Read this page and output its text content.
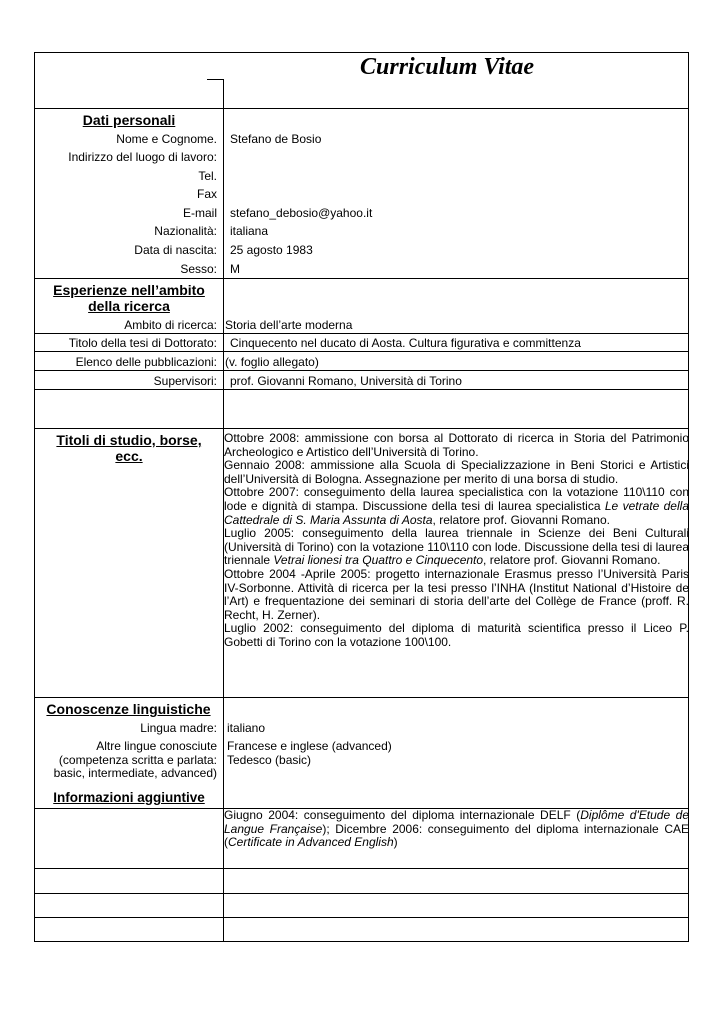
Curriculum Vitae
Dati personali
Nome e Cognome. Stefano de Bosio
Indirizzo del luogo di lavoro:
Tel.
Fax
E-mail stefano_debosio@yahoo.it
Nazionalità: italiana
Data di nascita: 25 agosto 1983
Sesso: M
Esperienze nell’ambito
della ricerca
Ambito di ricerca: Storia dell’arte moderna
Titolo della tesi di Dottorato: Cinquecento nel ducato di Aosta. Cultura figurativa e committenza
Elenco delle pubblicazioni: (v. foglio allegato)
Supervisori: prof. Giovanni Romano, Università di Torino
Titoli di studio, borse,
ecc.

Ottobre 2008: ammissione con borsa al Dottorato di ricerca in Storia del Patrimonio Archeologico e Artistico dell’Università di Torino.

Gennaio 2008: ammissione alla Scuola di Specializzazione in Beni Storici e Artistici dell’Università di Bologna. Assegnazione per merito di una borsa di studio.

Ottobre 2007: conseguimento della laurea specialistica con la votazione 110\110 con lode e dignità di stampa. Discussione della tesi di laurea specialistica Le vetrate della Cattedrale di S. Maria Assunta di Aosta, relatore prof. Giovanni Romano.

Luglio 2005: conseguimento della laurea triennale in Scienze dei Beni Culturali (Università di Torino) con la votazione 110\110 con lode. Discussione della tesi di laurea triennale Vetrai lionesi tra Quattro e Cinquecento, relatore prof. Giovanni Romano.

Ottobre 2004 -Aprile 2005: progetto internazionale Erasmus presso l’Università Paris IV-Sorbonne. Attività di ricerca per la tesi presso l’INHA (Institut National d’Histoire de l’Art) e frequentazione dei seminari di storia dell’arte del Collège de France (proff. R. Recht, H. Zerner).

Luglio 2002: conseguimento del diploma di maturità scientifica presso il Liceo P. Gobetti di Torino con la votazione 100\100.

Conoscenze linguistiche
Lingua madre: italiano
Altre lingue conosciute
(competenza scritta e parlata:
basic, intermediate, advanced)
Francese e inglese (advanced)
Tedesco (basic)
Informazioni aggiuntive
Giugno 2004: conseguimento del diploma internazionale DELF (Diplôme d'Etude de Langue Française); Dicembre 2006: conseguimento del diploma internazionale CAE (Certificate in Advanced English)
